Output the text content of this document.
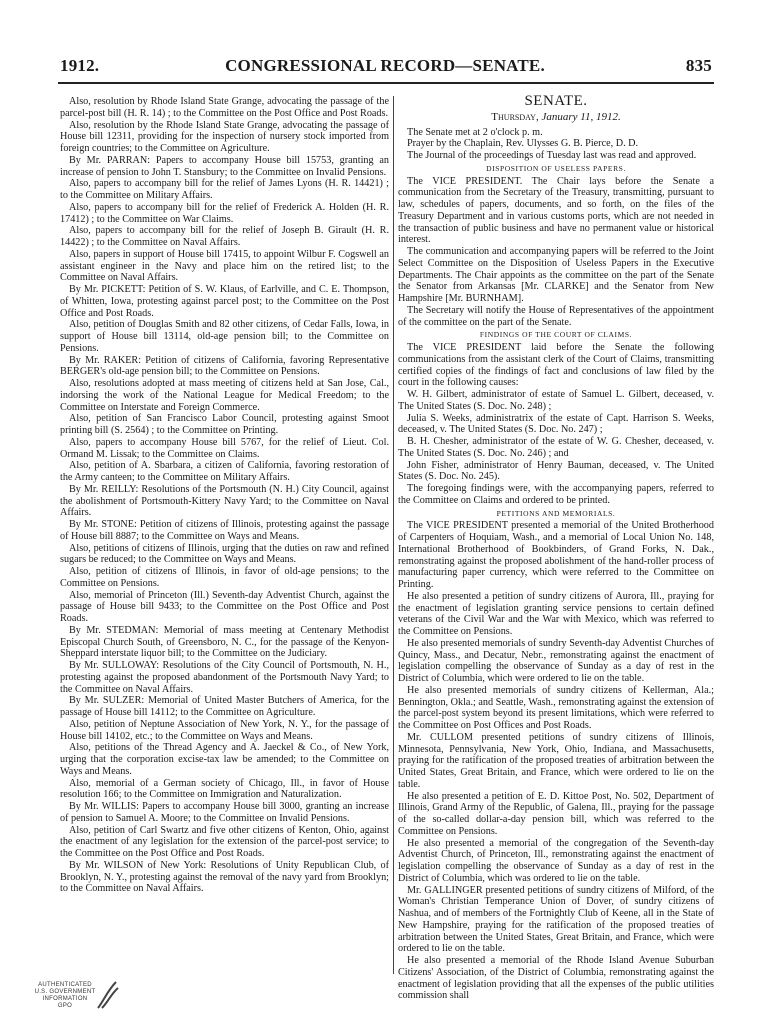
1912.	CONGRESSIONAL RECORD—SENATE.	835

Also, resolution by Rhode Island State Grange, advocating the passage of the parcel-post bill (H. R. 14) ; to the Committee on the Post Office and Post Roads.

Also, resolution by the Rhode Island State Grange, advocating the passage of House bill 12311, providing for the inspection of nursery stock imported from foreign countries; to the Committee on Agriculture.

By Mr. PARRAN: Papers to accompany House bill 15753, granting an increase of pension to John T. Stansbury; to the Committee on Invalid Pensions.

Also, papers to accompany bill for the relief of James Lyons (H. R. 14421) ; to the Committee on Military Affairs.

Also, papers to accompany bill for the relief of Frederick A. Holden (H. R. 17412) ; to the Committee on War Claims.

Also, papers to accompany bill for the relief of Joseph B. Girault (H. R. 14422) ; to the Committee on Naval Affairs.

Also, papers in support of House bill 17415, to appoint Wilbur F. Cogswell an assistant engineer in the Navy and place him on the retired list; to the Committee on Naval Affairs.

By Mr. PICKETT: Petition of S. W. Klaus, of Earlville, and C. E. Thompson, of Whitten, Iowa, protesting against parcel post; to the Committee on the Post Office and Post Roads.

Also, petition of Douglas Smith and 82 other citizens, of Cedar Falls, Iowa, in support of House bill 13114, old-age pension bill; to the Committee on Pensions.

By Mr. RAKER: Petition of citizens of California, favoring Representative BERGER's old-age pension bill; to the Committee on Pensions.

Also, resolutions adopted at mass meeting of citizens held at San Jose, Cal., indorsing the work of the National League for Medical Freedom; to the Committee on Interstate and Foreign Commerce.

Also, petition of San Francisco Labor Council, protesting against Smoot printing bill (S. 2564) ; to the Committee on Printing.

Also, papers to accompany House bill 5767, for the relief of Lieut. Col. Ormand M. Lissak; to the Committee on Claims.

Also, petition of A. Sbarbara, a citizen of California, favoring restoration of the Army canteen; to the Committee on Military Affairs.

By Mr. REILLY: Resolutions of the Portsmouth (N. H.) City Council, against the abolishment of Portsmouth-Kittery Navy Yard; to the Committee on Naval Affairs.

By Mr. STONE: Petition of citizens of Illinois, protesting against the passage of House bill 8887; to the Committee on Ways and Means.

Also, petitions of citizens of Illinois, urging that the duties on raw and refined sugars be reduced; to the Committee on Ways and Means.

Also, petition of citizens of Illinois, in favor of old-age pensions; to the Committee on Pensions.

Also, memorial of Princeton (Ill.) Seventh-day Adventist Church, against the passage of House bill 9433; to the Committee on the Post Office and Post Roads.

By Mr. STEDMAN: Memorial of mass meeting at Centenary Methodist Episcopal Church South, of Greensboro, N. C., for the passage of the Kenyon-Sheppard interstate liquor bill; to the Committee on the Judiciary.

By Mr. SULLOWAY: Resolutions of the City Council of Portsmouth, N. H., protesting against the proposed abandonment of the Portsmouth Navy Yard; to the Committee on Naval Affairs.

By Mr. SULZER: Memorial of United Master Butchers of America, for the passage of House bill 14112; to the Committee on Agriculture.

Also, petition of Neptune Association of New York, N. Y., for the passage of House bill 14102, etc.; to the Committee on Ways and Means.

Also, petitions of the Thread Agency and A. Jaeckel & Co., of New York, urging that the corporation excise-tax law be amended; to the Committee on Ways and Means.

Also, memorial of a German society of Chicago, Ill., in favor of House resolution 166; to the Committee on Immigration and Naturalization.

By Mr. WILLIS: Papers to accompany House bill 3000, granting an increase of pension to Samuel A. Moore; to the Committee on Invalid Pensions.

Also, petition of Carl Swartz and five other citizens of Kenton, Ohio, against the enactment of any legislation for the extension of the parcel-post service; to the Committee on the Post Office and Post Roads.

By Mr. WILSON of New York: Resolutions of Unity Republican Club, of Brooklyn, N. Y., protesting against the removal of the navy yard from Brooklyn; to the Committee on Naval Affairs.

SENATE.

Thursday, January 11, 1912.

The Senate met at 2 o'clock p. m.

Prayer by the Chaplain, Rev. Ulysses G. B. Pierce, D. D.

The Journal of the proceedings of Tuesday last was read and approved.

DISPOSITION OF USELESS PAPERS.

The VICE PRESIDENT. The Chair lays before the Senate a communication from the Secretary of the Treasury, transmitting, pursuant to law, schedules of papers, documents, and so forth, on the files of the Treasury Department and in various customs ports, which are not needed in the transaction of public business and have no permanent value or historical interest.

The communication and accompanying papers will be referred to the Joint Select Committee on the Disposition of Useless Papers in the Executive Departments. The Chair appoints as the committee on the part of the Senate the Senator from Arkansas [Mr. CLARKE] and the Senator from New Hampshire [Mr. BURNHAM].

The Secretary will notify the House of Representatives of the appointment of the committee on the part of the Senate.

FINDINGS OF THE COURT OF CLAIMS.

The VICE PRESIDENT laid before the Senate the following communications from the assistant clerk of the Court of Claims, transmitting certified copies of the findings of fact and conclusions of law filed by the court in the following causes:

W. H. Gilbert, administrator of estate of Samuel L. Gilbert, deceased, v. The United States (S. Doc. No. 248) ;

Julia S. Weeks, administratrix of the estate of Capt. Harrison S. Weeks, deceased, v. The United States (S. Doc. No. 247) ;

B. H. Chesher, administrator of the estate of W. G. Chesher, deceased, v. The United States (S. Doc. No. 246) ; and

John Fisher, administrator of Henry Bauman, deceased, v. The United States (S. Doc. No. 245).

The foregoing findings were, with the accompanying papers, referred to the Committee on Claims and ordered to be printed.

PETITIONS AND MEMORIALS.

The VICE PRESIDENT presented a memorial of the United Brotherhood of Carpenters of Hoquiam, Wash., and a memorial of Local Union No. 148, International Brotherhood of Bookbinders, of Grand Forks, N. Dak., remonstrating against the proposed abolishment of the hand-roller process of manufacturing paper currency, which were referred to the Committee on Printing.

He also presented a petition of sundry citizens of Aurora, Ill., praying for the enactment of legislation granting service pensions to certain defined veterans of the Civil War and the War with Mexico, which was referred to the Committee on Pensions.

He also presented memorials of sundry Seventh-day Adventist Churches of Quincy, Mass., and Decatur, Nebr., remonstrating against the enactment of legislation compelling the observance of Sunday as a day of rest in the District of Columbia, which were ordered to lie on the table.

He also presented memorials of sundry citizens of Kellerman, Ala.; Bennington, Okla.; and Seattle, Wash., remonstrating against the extension of the parcel-post system beyond its present limitations, which were referred to the Committee on Post Offices and Post Roads.

Mr. CULLOM presented petitions of sundry citizens of Illinois, Minnesota, Pennsylvania, New York, Ohio, Indiana, and Massachusetts, praying for the ratification of the proposed treaties of arbitration between the United States, Great Britain, and France, which were ordered to lie on the table.

He also presented a petition of E. D. Kittoe Post, No. 502, Department of Illinois, Grand Army of the Republic, of Galena, Ill., praying for the passage of the so-called dollar-a-day pension bill, which was referred to the Committee on Pensions.

He also presented a memorial of the congregation of the Seventh-day Adventist Church, of Princeton, Ill., remonstrating against the enactment of legislation compelling the observance of Sunday as a day of rest in the District of Columbia, which was ordered to lie on the table.

Mr. GALLINGER presented petitions of sundry citizens of Milford, of the Woman's Christian Temperance Union of Dover, of sundry citizens of Nashua, and of members of the Fortnightly Club of Keene, all in the State of New Hampshire, praying for the ratification of the proposed treaties of arbitration between the United States, Great Britain, and France, which were ordered to lie on the table.

He also presented a memorial of the Rhode Island Avenue Suburban Citizens' Association, of the District of Columbia, remonstrating against the enactment of legislation providing that all the expenses of the public utilities commission shall

AUTHENTICATED
U.S. GOVERNMENT
INFORMATION
GPO
